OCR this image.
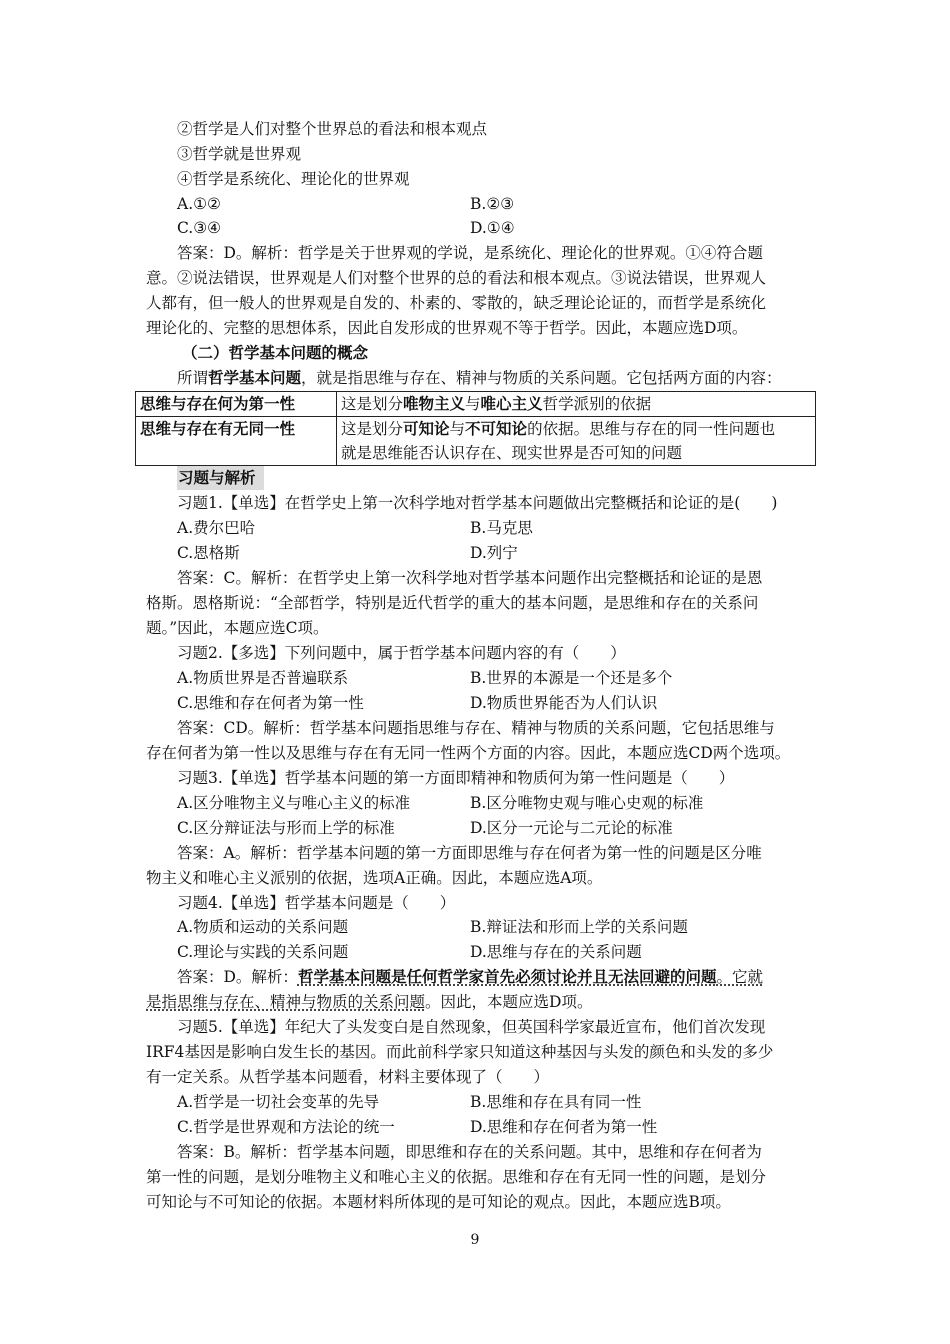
②哲学是人们对整个世界总的看法和根本观点
③哲学就是世界观
④哲学是系统化、理论化的世界观
A.①②	B.②③
C.③④	D.①④
答案：D。解析：哲学是关于世界观的学说，是系统化、理论化的世界观。①④符合题
意。②说法错误，世界观是人们对整个世界的总的看法和根本观点。③说法错误，世界观人
人都有，但一般人的世界观是自发的、朴素的、零散的，缺乏理论论证的，而哲学是系统化
理论化的、完整的思想体系，因此自发形成的世界观不等于哲学。因此，本题应选D项。
（二）哲学基本问题的概念
所谓哲学基本问题，就是指思维与存在、精神与物质的关系问题。它包括两方面的内容：
思维与存在何为第一性	这是划分唯物主义与唯心主义哲学派别的依据
思维与存在有无同一性	这是划分可知论与不可知论的依据。思维与存在的同一性问题也
就是思维能否认识存在、现实世界是否可知的问题
习题与解析
习题1.【单选】在哲学史上第一次科学地对哲学基本问题做出完整概括和论证的是(　　)
A.费尔巴哈	B.马克思
C.恩格斯	D.列宁
答案：C。解析：在哲学史上第一次科学地对哲学基本问题作出完整概括和论证的是恩
格斯。恩格斯说：“全部哲学，特别是近代哲学的重大的基本问题，是思维和存在的关系问
题。”因此，本题应选C项。
习题2.【多选】下列问题中，属于哲学基本问题内容的有（　　）
A.物质世界是否普遍联系	B.世界的本源是一个还是多个
C.思维和存在何者为第一性	D.物质世界能否为人们认识
答案：CD。解析：哲学基本问题指思维与存在、精神与物质的关系问题，它包括思维与
存在何者为第一性以及思维与存在有无同一性两个方面的内容。因此，本题应选CD两个选项。
习题3.【单选】哲学基本问题的第一方面即精神和物质何为第一性问题是（　　）
A.区分唯物主义与唯心主义的标准	B.区分唯物史观与唯心史观的标准
C.区分辩证法与形而上学的标准	D.区分一元论与二元论的标准
答案：A。解析：哲学基本问题的第一方面即思维与存在何者为第一性的问题是区分唯
物主义和唯心主义派别的依据，选项A正确。因此，本题应选A项。
习题4.【单选】哲学基本问题是（　　）
A.物质和运动的关系问题	B.辩证法和形而上学的关系问题
C.理论与实践的关系问题	D.思维与存在的关系问题
答案：D。解析：哲学基本问题是任何哲学家首先必须讨论并且无法回避的问题。它就
是指思维与存在、精神与物质的关系问题。因此，本题应选D项。
习题5.【单选】年纪大了头发变白是自然现象，但英国科学家最近宣布，他们首次发现
IRF4基因是影响白发生长的基因。而此前科学家只知道这种基因与头发的颜色和头发的多少
有一定关系。从哲学基本问题看，材料主要体现了（　　）
A.哲学是一切社会变革的先导	B.思维和存在具有同一性
C.哲学是世界观和方法论的统一	D.思维和存在何者为第一性
答案：B。解析：哲学基本问题，即思维和存在的关系问题。其中，思维和存在何者为
第一性的问题，是划分唯物主义和唯心主义的依据。思维和存在有无同一性的问题，是划分
可知论与不可知论的依据。本题材料所体现的是可知论的观点。因此，本题应选B项。
9
